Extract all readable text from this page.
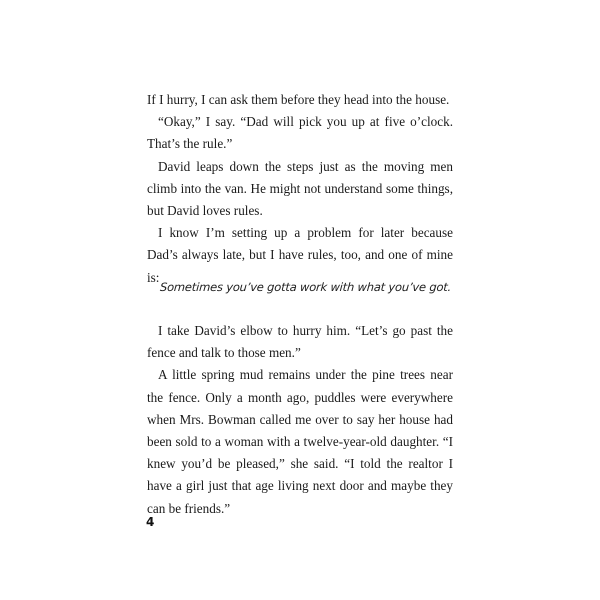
If I hurry, I can ask them before they head into the house.

“Okay,” I say. “Dad will pick you up at five o’clock. That’s the rule.”

David leaps down the steps just as the moving men climb into the van. He might not understand some things, but David loves rules.

I know I’m setting up a problem for later because Dad’s always late, but I have rules, too, and one of mine is:

Sometimes you’ve gotta work with what you’ve got.

I take David’s elbow to hurry him. “Let’s go past the fence and talk to those men.”

A little spring mud remains under the pine trees near the fence. Only a month ago, puddles were everywhere when Mrs. Bowman called me over to say her house had been sold to a woman with a twelve-year-old daughter. “I knew you’d be pleased,” she said. “I told the realtor I have a girl just that age living next door and maybe they can be friends.”

4
